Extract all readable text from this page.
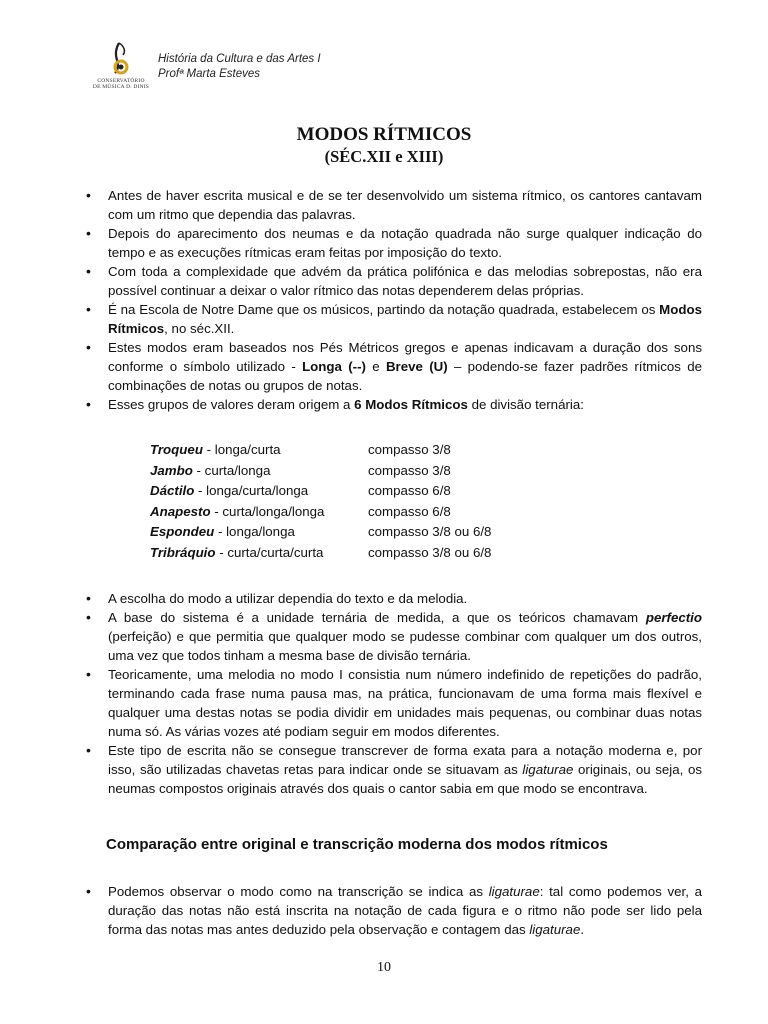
CONSERVATÓRIO
DE MÚSICA D. DINIS
História da Cultura e das Artes I
Profª Marta Esteves
MODOS RÍTMICOS
(SÉC.XII e XIII)
• Antes de haver escrita musical e de se ter desenvolvido um sistema rítmico, os cantores cantavam com um ritmo que dependia das palavras.
• Depois do aparecimento dos neumas e da notação quadrada não surge qualquer indicação do tempo e as execuções rítmicas eram feitas por imposição do texto.
• Com toda a complexidade que advém da prática polifónica e das melodias sobrepostas, não era possível continuar a deixar o valor rítmico das notas dependerem delas próprias.
• É na Escola de Notre Dame que os músicos, partindo da notação quadrada, estabelecem os Modos Rítmicos, no séc.XII.
• Estes modos eram baseados nos Pés Métricos gregos e apenas indicavam a duração dos sons conforme o símbolo utilizado - Longa (--) e Breve (U) – podendo-se fazer padrões rítmicos de combinações de notas ou grupos de notas.
• Esses grupos de valores deram origem a 6 Modos Rítmicos de divisão ternária:
Troqueu - longa/curta	compasso 3/8
Jambo - curta/longa	compasso 3/8
Dáctilo - longa/curta/longa	compasso 6/8
Anapesto - curta/longa/longa	compasso 6/8
Espondeu - longa/longa	compasso 3/8 ou 6/8
Tribráquio - curta/curta/curta	compasso 3/8 ou 6/8
• A escolha do modo a utilizar dependia do texto e da melodia.
• A base do sistema é a unidade ternária de medida, a que os teóricos chamavam perfectio (perfeição) e que permitia que qualquer modo se pudesse combinar com qualquer um dos outros, uma vez que todos tinham a mesma base de divisão ternária.
• Teoricamente, uma melodia no modo I consistia num número indefinido de repetições do padrão, terminando cada frase numa pausa mas, na prática, funcionavam de uma forma mais flexível e qualquer uma destas notas se podia dividir em unidades mais pequenas, ou combinar duas notas numa só. As várias vozes até podiam seguir em modos diferentes.
• Este tipo de escrita não se consegue transcrever de forma exata para a notação moderna e, por isso, são utilizadas chavetas retas para indicar onde se situavam as ligaturae originais, ou seja, os neumas compostos originais através dos quais o cantor sabia em que modo se encontrava.
Comparação entre original e transcrição moderna dos modos rítmicos
• Podemos observar o modo como na transcrição se indica as ligaturae: tal como podemos ver, a duração das notas não está inscrita na notação de cada figura e o ritmo não pode ser lido pela forma das notas mas antes deduzido pela observação e contagem das ligaturae.
10
